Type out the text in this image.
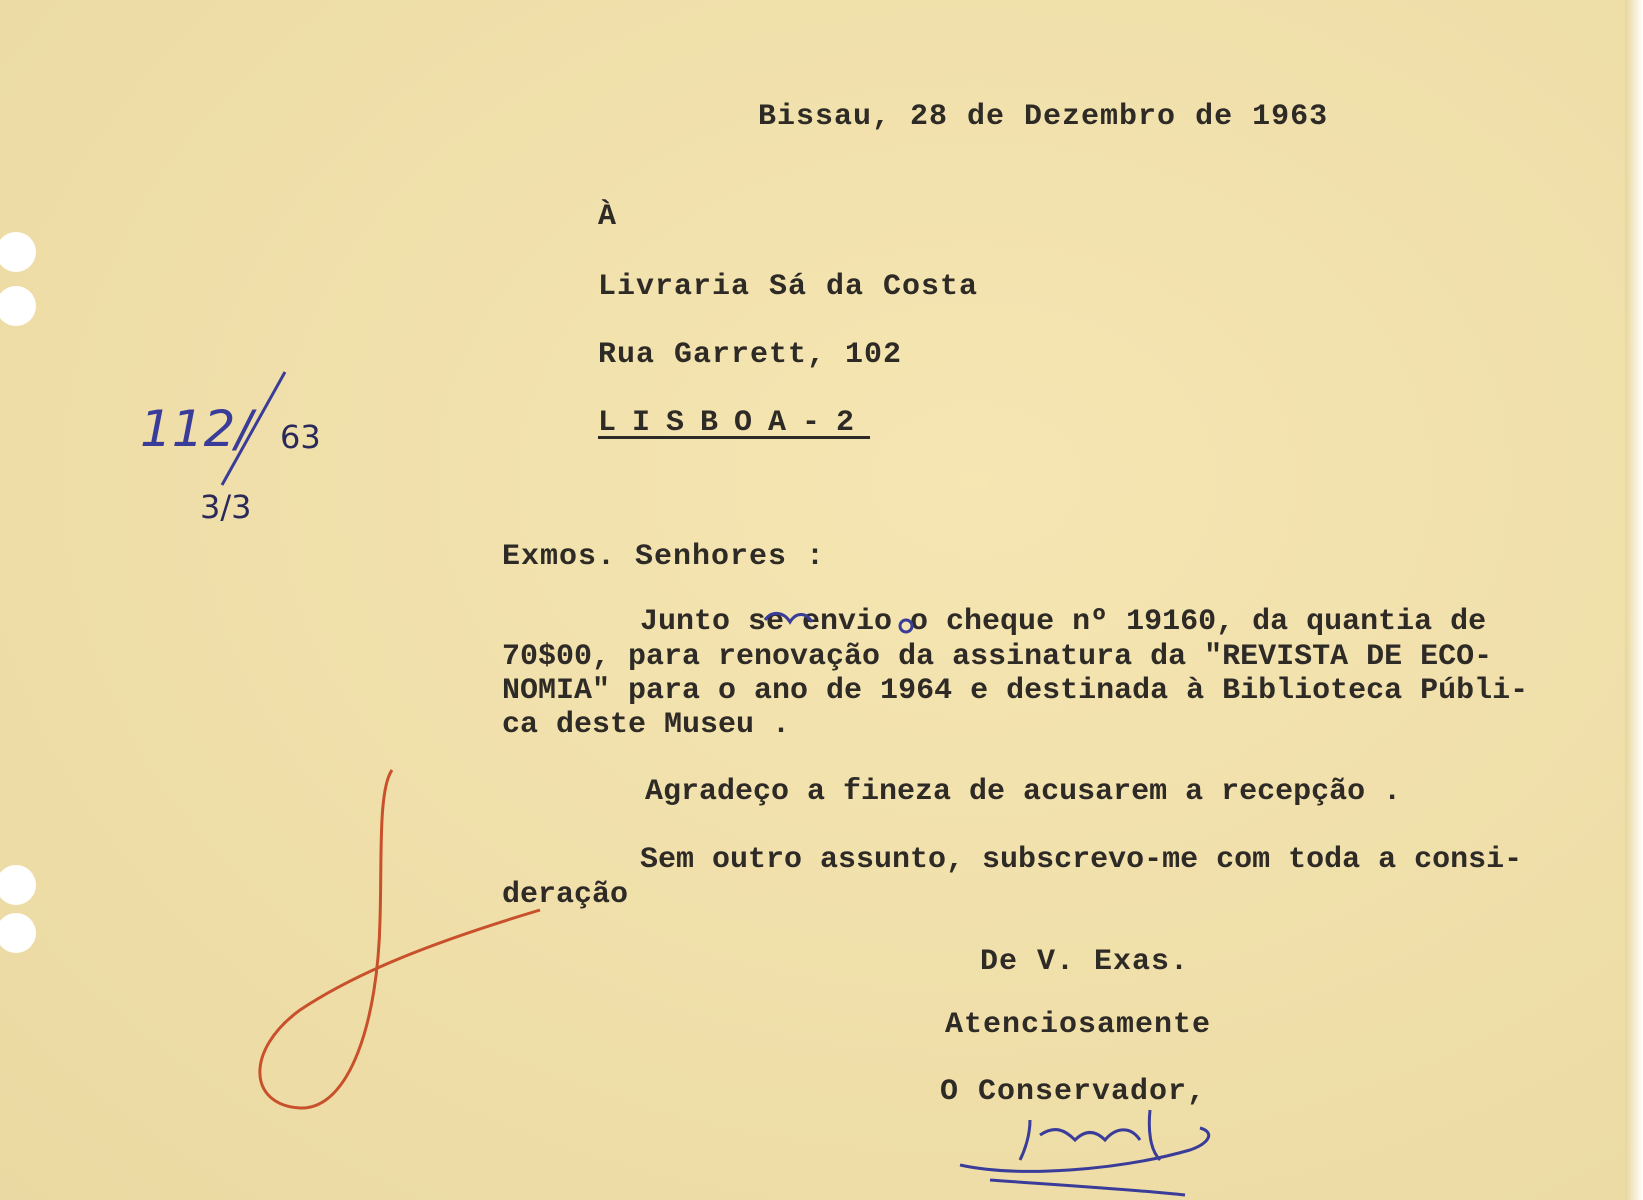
Bissau, 28 de Dezembro de 1963
À
Livraria Sá da Costa
Rua Garrett, 102
LISBOA-2
112/ 63
3/3
Exmos. Senhores :
Junto se envio o cheque nº 19160, da quantia de
70$00, para renovação da assinatura da "REVISTA DE ECO-
NOMIA" para o ano de 1964 e destinada à Biblioteca Públi-
ca deste Museu .
Agradeço a fineza de acusarem a recepção .
Sem outro assunto, subscrevo-me com toda a consi-
deração
De V. Exas.
Atenciosamente
O Conservador,
